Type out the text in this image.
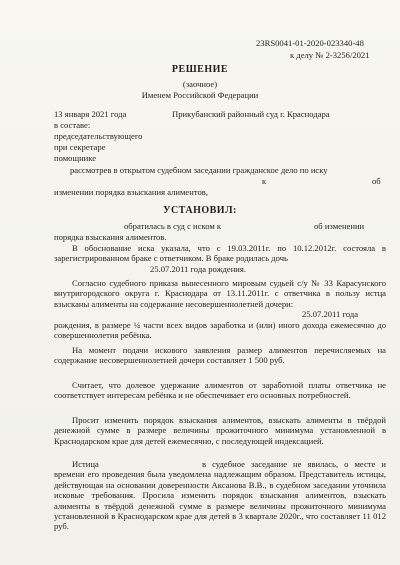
23RS0041-01-2020-023340-48
к делу № 2-3256/2021
РЕШЕНИЕ
(заочное)
Именем Российской Федерации
13 января 2021 года	Прикубанский районный суд г. Краснодара
в составе:
председательствующего
при секретаре
помощнике
рассмотрев в открытом судебном заседании гражданское дело по иску
к	об
изменении порядка взыскания алиментов,
УСТАНОВИЛ:
обратилась в суд с иском к	об изменении
порядка взыскания алиментов.
В обоснование иска указала, что с 19.03.2011г. по 10.12.2012г. состояла в зарегистрированном браке с ответчиком. В браке родилась дочь
25.07.2011 года рождения.
Согласно судебного приказа вынесенного мировым судьей с/у № 33 Карасунского внутригородского округа г. Краснодара от 13.11.2011г. с ответчика в пользу истца взысканы алименты на содержание несовершеннолетней дочери:
25.07.2011 года
рождения, в размере ¼ части всех видов заработка и (или) иного дохода ежемесячно до совершеннолетия ребёнка.
На момент подачи искового заявления размер алиментов перечисляемых на содержание несовершеннолетней дочери составляет 1 500 руб.
Считает, что долевое удержание алиментов от заработной платы ответчика не соответствует интересам ребёнка и не обеспечивает его основных потребностей.
Просит изменить порядок взыскания алиментов, взыскать алименты в твёрдой денежной сумме в размере величины прожиточного минимума установленной в Краснодарском крае для детей ежемесячно, с последующей индексацией.
Истица	в судебное заседание не явилась, о месте и времени его проведения была уведомлена надлежащим образом. Представитель истицы, действующая на основании доверенности Аксанова В.В., в судебном заседании уточнила исковые требования. Просила изменить порядок взыскания алиментов, взыскать алименты в твёрдой денежной сумме в размере величины прожиточного минимума установленной в Краснодарском крае для детей в 3 квартале 2020г., что составляет 11 012 руб.
